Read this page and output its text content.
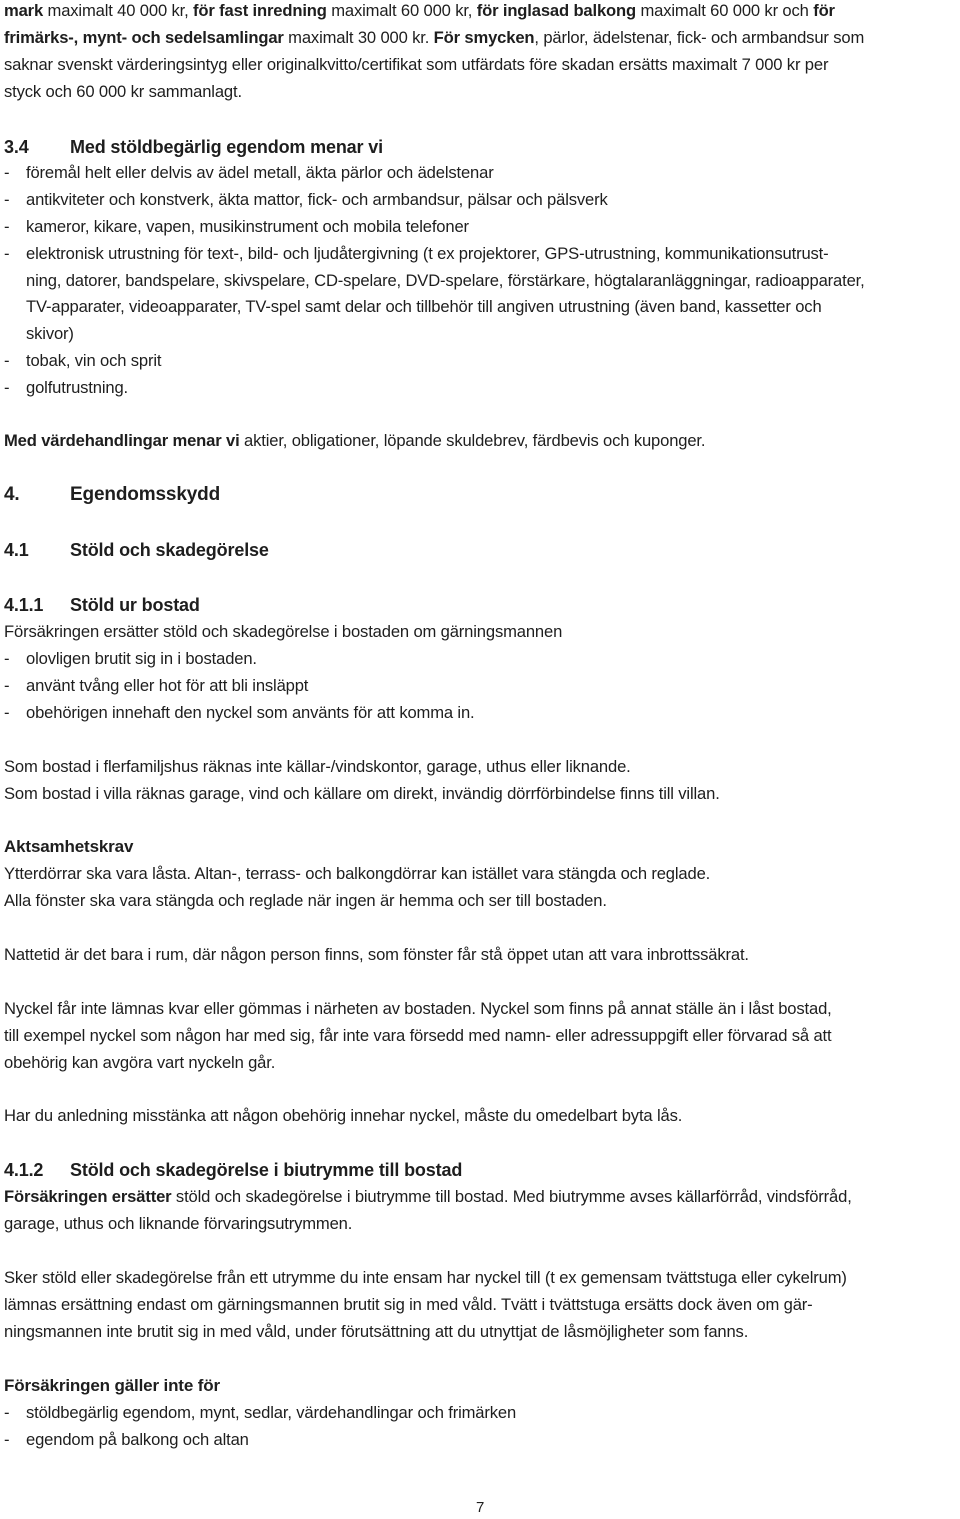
mark maximalt 40 000 kr, för fast inredning maximalt 60 000 kr, för inglasad balkong maximalt 60 000 kr och för
frimärks-, mynt- och sedelsamlingar maximalt 30 000 kr. För smycken, pärlor, ädelstenar, fick- och armbandsur som
saknar svenskt värderingsintyg eller originalkvitto/certifikat som utfärdats före skadan ersätts maximalt 7 000 kr per
styck och 60 000 kr sammanlagt.
3.4 Med stöldbegärlig egendom menar vi
-	föremål helt eller delvis av ädel metall, äkta pärlor och ädelstenar
-	antikviteter och konstverk, äkta mattor, fick- och armbandsur, pälsar och pälsverk
-	kameror, kikare, vapen, musikinstrument och mobila telefoner
-	elektronisk utrustning för text-, bild- och ljudåtergivning (t ex projektorer, GPS-utrustning, kommunikationsutrust-
ning, datorer, bandspelare, skivspelare, CD-spelare, DVD-spelare, förstärkare, högtalaranläggningar, radioapparater,
TV-apparater, videoapparater, TV-spel samt delar och tillbehör till angiven utrustning (även band, kassetter och
skivor)
-	tobak, vin och sprit
-	golfutrustning.
Med värdehandlingar menar vi aktier, obligationer, löpande skuldebrev, färdbevis och kuponger.
4.	Egendomsskydd
4.1 Stöld och skadegörelse
4.1.1 Stöld ur bostad
Försäkringen ersätter stöld och skadegörelse i bostaden om gärningsmannen
-	olovligen brutit sig in i bostaden.
-	använt tvång eller hot för att bli insläppt
-	obehörigen innehaft den nyckel som använts för att komma in.
Som bostad i flerfamiljshus räknas inte källar-/vindskontor, garage, uthus eller liknande.
Som bostad i villa räknas garage, vind och källare om direkt, invändig dörrförbindelse finns till villan.
Aktsamhetskrav
Ytterdörrar ska vara låsta. Altan-, terrass- och balkongdörrar kan istället vara stängda och reglade.
Alla fönster ska vara stängda och reglade när ingen är hemma och ser till bostaden.
Nattetid är det bara i rum, där någon person finns, som fönster får stå öppet utan att vara inbrottssäkrat.
Nyckel får inte lämnas kvar eller gömmas i närheten av bostaden. Nyckel som finns på annat ställe än i låst bostad,
till exempel nyckel som någon har med sig, får inte vara försedd med namn- eller adressuppgift eller förvarad så att
obehörig kan avgöra vart nyckeln går.
Har du anledning misstänka att någon obehörig innehar nyckel, måste du omedelbart byta lås.
4.1.2 Stöld och skadegörelse i biutrymme till bostad
Försäkringen ersätter stöld och skadegörelse i biutrymme till bostad. Med biutrymme avses källarförråd, vindsförråd,
garage, uthus och liknande förvaringsutrymmen.
Sker stöld eller skadegörelse från ett utrymme du inte ensam har nyckel till (t ex gemensam tvättstuga eller cykelrum)
lämnas ersättning endast om gärningsmannen brutit sig in med våld. Tvätt i tvättstuga ersätts dock även om gär-
ningsmannen inte brutit sig in med våld, under förutsättning att du utnyttjat de låsmöjligheter som fanns.
Försäkringen gäller inte för
-	stöldbegärlig egendom, mynt, sedlar, värdehandlingar och frimärken
-	egendom på balkong och altan
7
